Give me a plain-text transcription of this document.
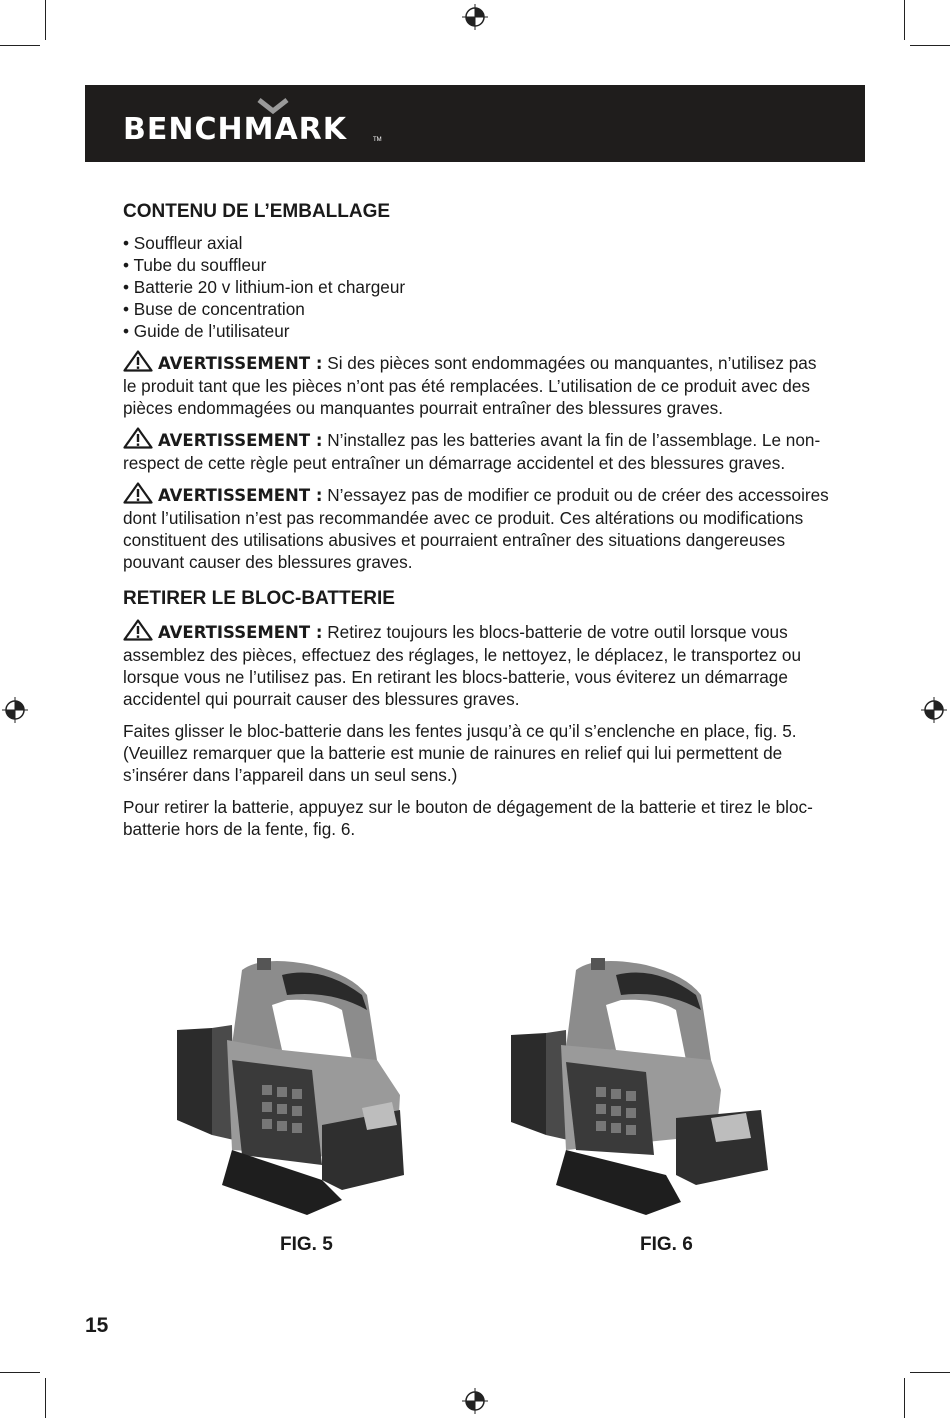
BENCHMARK	TM
CONTENU DE L’EMBALLAGE
• Souffleur axial
• Tube du souffleur
• Batterie 20 v lithium-ion et chargeur
• Buse de concentration
• Guide de l’utilisateur

AVERTISSEMENT : Si des pièces sont endommagées ou manquantes, n’utilisez pas le produit tant que les pièces n’ont pas été remplacées. L’utilisation de ce produit avec des pièces endommagées ou manquantes pourrait entraîner des blessures graves.

AVERTISSEMENT : N’installez pas les batteries avant la fin de l’assemblage. Le non-respect de cette règle peut entraîner un démarrage accidentel et des blessures graves.

AVERTISSEMENT : N’essayez pas de modifier ce produit ou de créer des accessoires dont l’utilisation n’est pas recommandée avec ce produit. Ces altérations ou modifications constituent des utilisations abusives et pourraient entraîner des situations dangereuses pouvant causer des blessures graves.

RETIRER LE BLOC-BATTERIE

AVERTISSEMENT : Retirez toujours les blocs-batterie de votre outil lorsque vous assemblez des pièces, effectuez des réglages, le nettoyez, le déplacez, le transportez ou lorsque vous ne l’utilisez pas. En retirant les blocs-batterie, vous éviterez un démarrage accidentel qui pourrait causer des blessures graves.

Faites glisser le bloc-batterie dans les fentes jusqu’à ce qu’il s’enclenche en place, fig. 5. (Veuillez remarquer que la batterie est munie de rainures en relief qui lui permettent de s’insérer dans l’appareil dans un seul sens.)

Pour retirer la batterie, appuyez sur le bouton de dégagement de la batterie et tirez le bloc-batterie hors de la fente, fig. 6.

FIG. 5	FIG. 6
15
